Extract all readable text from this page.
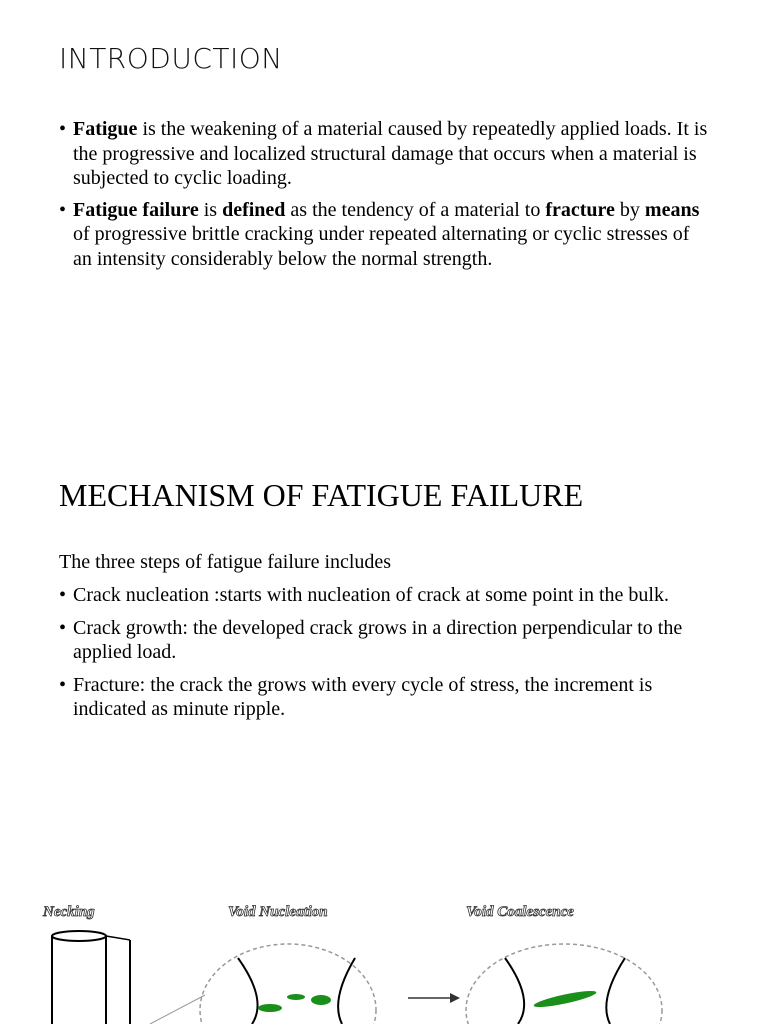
INTRODUCTION
• Fatigue is the weakening of a material caused by repeatedly applied loads. It is the progressive and localized structural damage that occurs when a material is subjected to cyclic loading.
• Fatigue failure is defined as the tendency of a material to fracture by means of progressive brittle cracking under repeated alternating or cyclic stresses of an intensity considerably below the normal strength.
MECHANISM OF FATIGUE FAILURE
The three steps of fatigue failure includes
• Crack nucleation :starts with nucleation of crack at some point in the bulk.
• Crack growth: the developed crack grows in a direction perpendicular to the applied load.
• Fracture: the crack the grows with every cycle of stress, the increment is indicated as minute ripple.
Necking	Void Nucleation	Void Coalescence
